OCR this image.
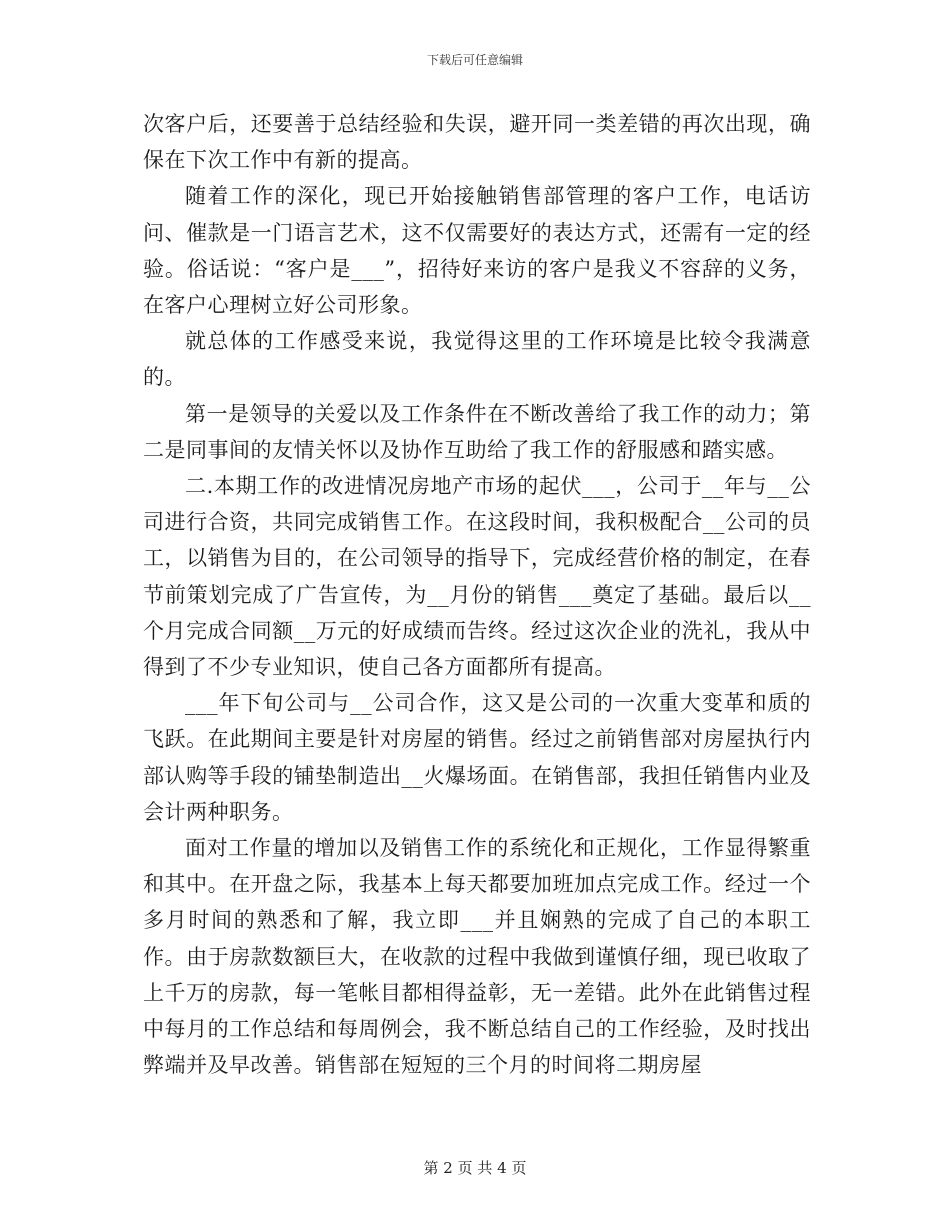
下载后可任意编辑

次客户后，还要善于总结经验和失误，避开同一类差错的再次出现，确保在下次工作中有新的提高。

随着工作的深化，现已开始接触销售部管理的客户工作，电话访问、催款是一门语言艺术，这不仅需要好的表达方式，还需有一定的经验。俗话说：“客户是___”，招待好来访的客户是我义不容辞的义务，在客户心理树立好公司形象。

就总体的工作感受来说，我觉得这里的工作环境是比较令我满意的。

第一是领导的关爱以及工作条件在不断改善给了我工作的动力；第二是同事间的友情关怀以及协作互助给了我工作的舒服感和踏实感。

二.本期工作的改进情况房地产市场的起伏___，公司于__年与__公司进行合资，共同完成销售工作。在这段时间，我积极配合__公司的员工，以销售为目的，在公司领导的指导下，完成经营价格的制定，在春节前策划完成了广告宣传，为__月份的销售___奠定了基础。最后以__个月完成合同额__万元的好成绩而告终。经过这次企业的洗礼，我从中得到了不少专业知识，使自己各方面都所有提高。

___年下旬公司与__公司合作，这又是公司的一次重大变革和质的飞跃。在此期间主要是针对房屋的销售。经过之前销售部对房屋执行内部认购等手段的铺垫制造出__火爆场面。在销售部，我担任销售内业及会计两种职务。

面对工作量的增加以及销售工作的系统化和正规化，工作显得繁重和其中。在开盘之际，我基本上每天都要加班加点完成工作。经过一个多月时间的熟悉和了解，我立即___并且娴熟的完成了自己的本职工作。由于房款数额巨大，在收款的过程中我做到谨慎仔细，现已收取了上千万的房款，每一笔帐目都相得益彰，无一差错。此外在此销售过程中每月的工作总结和每周例会，我不断总结自己的工作经验，及时找出弊端并及早改善。销售部在短短的三个月的时间将二期房屋

第 2 页 共 4 页
